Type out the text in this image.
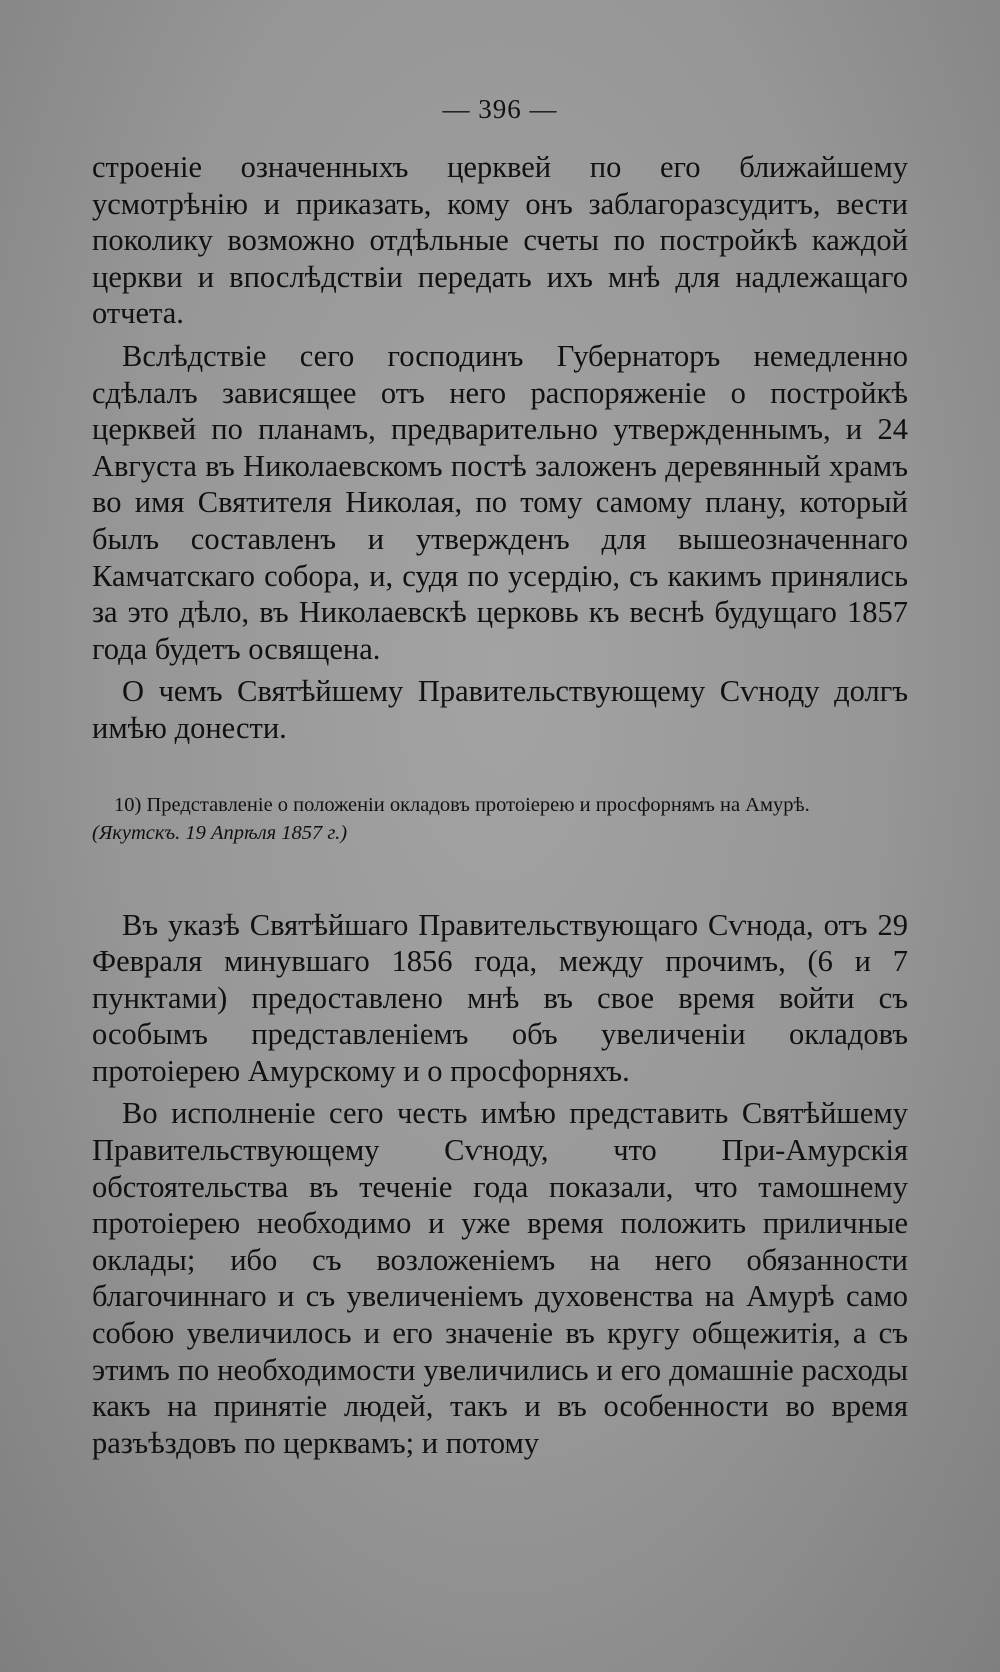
— 396 —

строеніе означенныхъ церквей по его ближайшему усмотрѣнію и приказать, кому онъ заблагоразсудитъ, вести поколику возможно отдѣльные счеты по постройкѣ каждой церкви и впослѣдствіи передать ихъ мнѣ для надлежащаго отчета.

Вслѣдствіе сего господинъ Губернаторъ немедленно сдѣлалъ зависящее отъ него распоряженіе о постройкѣ церквей по планамъ, предварительно утвержденнымъ, и 24 Августа въ Николаевскомъ постѣ заложенъ деревянный храмъ во имя Святителя Николая, по тому самому плану, который былъ составленъ и утвержденъ для вышеозначеннаго Камчатскаго собора, и, судя по усердію, съ какимъ принялись за это дѣло, въ Николаевскѣ церковь къ веснѣ будущаго 1857 года будетъ освящена.

О чемъ Святѣйшему Правительствующему Сѵноду долгъ имѣю донести.

10) Представленіе о положеніи окладовъ протоіерею и просфорнямъ на Амурѣ.
(Якутскъ. 19 Апрѣля 1857 г.)

Въ указѣ Святѣйшаго Правительствующаго Сѵнода, отъ 29 Февраля минувшаго 1856 года, между прочимъ, (6 и 7 пунктами) предоставлено мнѣ въ свое время войти съ особымъ представленіемъ объ увеличеніи окладовъ протоіерею Амурскому и о просфорняхъ.

Во исполненіе сего честь имѣю представить Святѣйшему Правительствующему Сѵноду, что При-Амурскія обстоятельства въ теченіе года показали, что тамошнему протоіерею необходимо и уже время положить приличные оклады; ибо съ возложеніемъ на него обязанности благочиннаго и съ увеличеніемъ духовенства на Амурѣ само собою увеличилось и его значеніе въ кругу общежитія, а съ этимъ по необходимости увеличились и его домашніе расходы какъ на принятіе людей, такъ и въ особенности во время разъѣздовъ по церквамъ; и потому
